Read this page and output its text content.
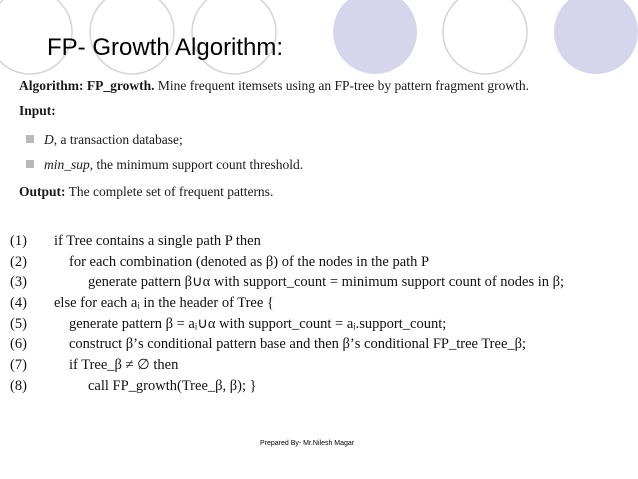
FP- Growth Algorithm:
Algorithm: FP_growth. Mine frequent itemsets using an FP-tree by pattern fragment growth.
Input:
D, a transaction database;
min_sup, the minimum support count threshold.
Output: The complete set of frequent patterns.
(1)	if Tree contains a single path P then
(2)	for each combination (denoted as β) of the nodes in the path P
(3)	generate pattern β∪α with support_count = minimum support count of nodes in β;
(4)	else for each aᵢ in the header of Tree {
(5)	generate pattern β = aᵢ∪α with support_count = aᵢ.support_count;
(6)	construct β’s conditional pattern base and then β’s conditional FP_tree Tree_β;
(7)	if Tree_β ≠ ∅ then
(8)	call FP_growth(Tree_β, β); }
Prepared By- Mr.Nilesh Magar
